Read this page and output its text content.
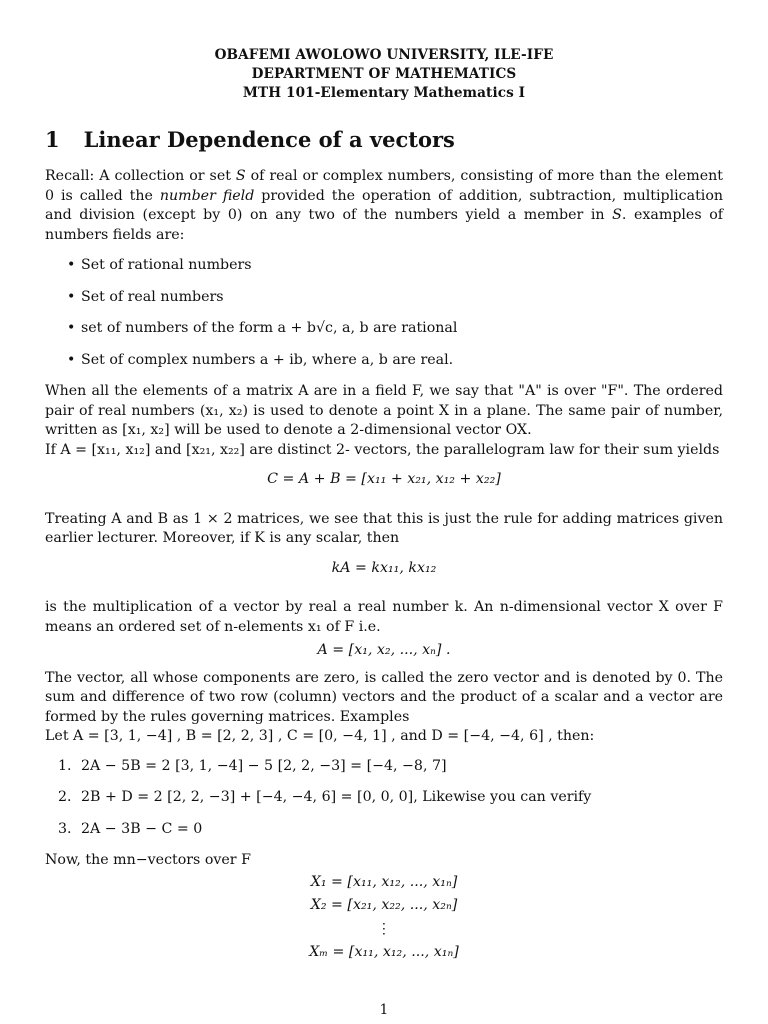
OBAFEMI AWOLOWO UNIVERSITY, ILE-IFE
DEPARTMENT OF MATHEMATICS
MTH 101-Elementary Mathematics I
1 Linear Dependence of a vectors
Recall: A collection or set S of real or complex numbers, consisting of more than the element 0 is called the number field provided the operation of addition, subtraction, multiplication and division (except by 0) on any two of the numbers yield a member in S. examples of numbers fields are:
• Set of rational numbers
• Set of real numbers
• set of numbers of the form a + b√c, a, b are rational
• Set of complex numbers a + ib, where a, b are real.
When all the elements of a matrix A are in a field F, we say that "A" is over "F". The ordered pair of real numbers (x₁, x₂) is used to denote a point X in a plane. The same pair of number, written as [x₁, x₂] will be used to denote a 2-dimensional vector OX.
If A = [x₁₁, x₁₂] and [x₂₁, x₂₂] are distinct 2- vectors, the parallelogram law for their sum yields
C = A + B = [x₁₁ + x₂₁, x₁₂ + x₂₂]
Treating A and B as 1 × 2 matrices, we see that this is just the rule for adding matrices given earlier lecturer. Moreover, if K is any scalar, then
kA = kx₁₁, kx₁₂
is the multiplication of a vector by real a real number k. An n-dimensional vector X over F means an ordered set of n-elements x₁ of F i.e.
A = [x₁, x₂, ..., xₙ] .
The vector, all whose components are zero, is called the zero vector and is denoted by 0. The sum and difference of two row (column) vectors and the product of a scalar and a vector are formed by the rules governing matrices. Examples
Let A = [3, 1, −4] , B = [2, 2, 3] , C = [0, −4, 1] , and D = [−4, −4, 6] , then:
1. 2A − 5B = 2 [3, 1, −4] − 5 [2, 2, −3] = [−4, −8, 7]
2. 2B + D = 2 [2, 2, −3] + [−4, −4, 6] = [0, 0, 0], Likewise you can verify
3. 2A − 3B − C = 0
Now, the mn−vectors over F
X₁ = [x₁₁, x₁₂, ..., x₁ₙ]
X₂ = [x₂₁, x₂₂, ..., x₂ₙ]
⋮
Xₘ = [x₁₁, x₁₂, ..., x₁ₙ]
1
